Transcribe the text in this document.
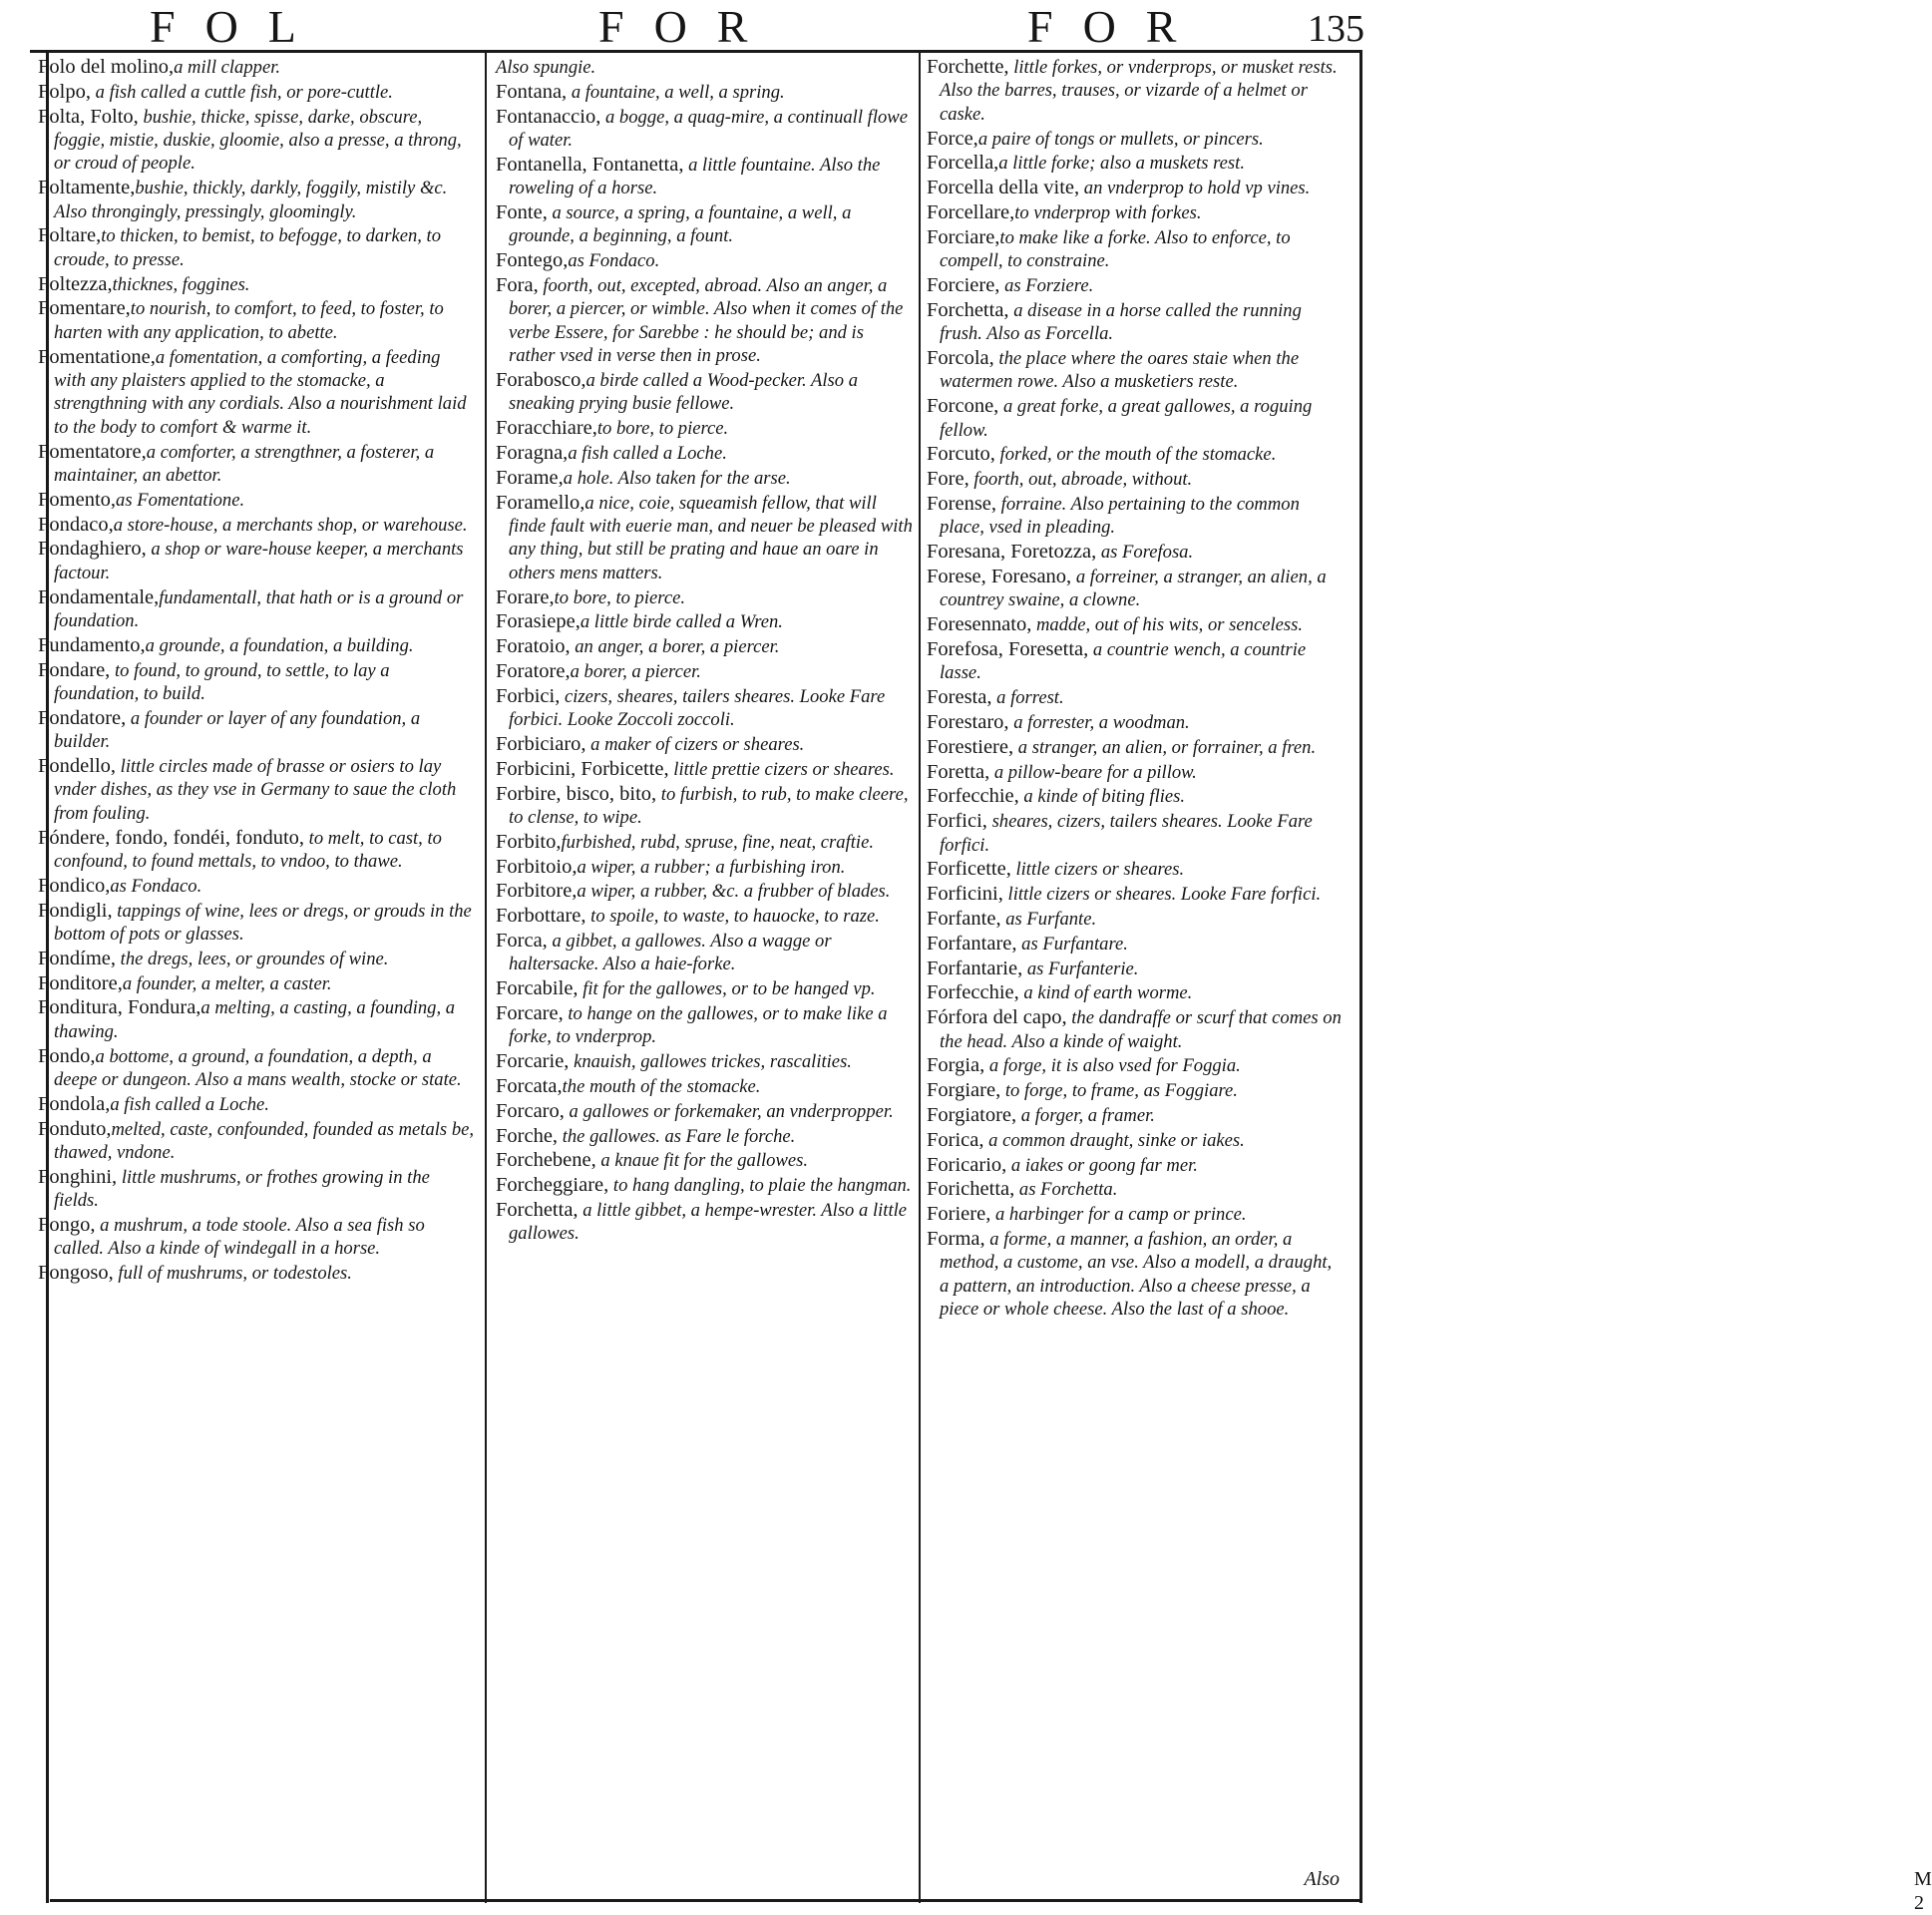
FOL	FOR	FOR	135

Folo del molino,a mill clapper.

Folpo, a fish called a cuttle fish, or pore-cuttle.

Folta, Folto, bushie, thicke, spisse, darke, obscure, foggie, mistie, duskie, gloomie, also a presse, a throng, or croud of people.

Foltamente,bushie, thickly, darkly, foggily, mistily &c. Also throngingly, pressingly, gloomingly.

Foltare,to thicken, to bemist, to befogge, to darken, to croude, to presse.

Foltezza,thicknes, foggines.

Fomentare,to nourish, to comfort, to feed, to foster, to harten with any application, to abette.

Fomentatione,a fomentation, a comforting, a feeding with any plaisters applied to the stomacke, a strengthning with any cordials. Also a nourishment laid to the body to comfort & warme it.

Fomentatore,a comforter, a strengthner, a fosterer, a maintainer, an abettor.

Fomento,as Fomentatione.

Fondaco,a store-house, a merchants shop, or warehouse.

Fondaghiero, a shop or ware-house keeper, a merchants factour.

Fondamentale,fundamentall, that hath or is a ground or foundation.

Fundamento,a grounde, a foundation, a building.

Fondare, to found, to ground, to settle, to lay a foundation, to build.

Fondatore, a founder or layer of any foundation, a builder.

Fondello, little circles made of brasse or osiers to lay vnder dishes, as they vse in Germany to saue the cloth from fouling.

Fóndere, fondo, fondéi, fonduto, to melt, to cast, to confound, to found mettals, to vndoo, to thawe.

Fondico,as Fondaco.

Fondigli, tappings of wine, lees or dregs, or grouds in the bottom of pots or glasses.

Fondíme, the dregs, lees, or groundes of wine.

Fonditore,a founder, a melter, a caster.

Fonditura, Fondura,a melting, a casting, a founding, a thawing.

Fondo,a bottome, a ground, a foundation, a depth, a deepe or dungeon. Also a mans wealth, stocke or state.

Fondola,a fish called a Loche.

Fonduto,melted, caste, confounded, founded as metals be, thawed, vndone.

Fonghini, little mushrums, or frothes growing in the fields.

Fongo, a mushrum, a tode stoole. Also a sea fish so called. Also a kinde of windegall in a horse.

Fongoso, full of mushrums, or todestoles.

Also spungie.

Fontana, a fountaine, a well, a spring.

Fontanaccio, a bogge, a quag-mire, a continuall flowe of water.

Fontanella, Fontanetta, a little fountaine. Also the roweling of a horse.

Fonte, a source, a spring, a fountaine, a well, a grounde, a beginning, a fount.

Fontego,as Fondaco.

Fora, foorth, out, excepted, abroad. Also an anger, a borer, a piercer, or wimble. Also when it comes of the verbe Essere, for Sarebbe : he should be; and is rather vsed in verse then in prose.

Forabosco,a birde called a Wood-pecker. Also a sneaking prying busie fellowe.

Foracchiare,to bore, to pierce.

Foragna,a fish called a Loche.

Forame,a hole. Also taken for the arse.

Foramello,a nice, coie, squeamish fellow, that will finde fault with euerie man, and neuer be pleased with any thing, but still be prating and haue an oare in others mens matters.

Forare,to bore, to pierce.

Forasiepe,a little birde called a Wren.

Foratoio, an anger, a borer, a piercer.

Foratore,a borer, a piercer.

Forbici, cizers, sheares, tailers sheares. Looke Fare forbici. Looke Zoccoli zoccoli.

Forbiciaro, a maker of cizers or sheares.

Forbicini, Forbicette, little prettie cizers or sheares.

Forbire, bisco, bito, to furbish, to rub, to make cleere, to clense, to wipe.

Forbito,furbished, rubd, spruse, fine, neat, craftie.

Forbitoio,a wiper, a rubber; a furbishing iron.

Forbitore,a wiper, a rubber, &c. a frubber of blades.

Forbottare, to spoile, to waste, to hauocke, to raze.

Forca, a gibbet, a gallowes. Also a wagge or haltersacke. Also a haie-forke.

Forcabile, fit for the gallowes, or to be hanged vp.

Forcare, to hange on the gallowes, or to make like a forke, to vnderprop.

Forcarie, knauish, gallowes trickes, rascalities.

Forcata,the mouth of the stomacke.

Forcaro, a gallowes or forkemaker, an vnderpropper.

Forche, the gallowes. as Fare le forche.

Forchebene, a knaue fit for the gallowes.

Forcheggiare, to hang dangling, to plaie the hangman.

Forchetta, a little gibbet, a hempe-wrester. Also a little gallowes.

Forchette, little forkes, or vnderprops, or musket rests. Also the barres, trauses, or vizarde of a helmet or caske.

Force,a paire of tongs or mullets, or pincers.

Forcella,a little forke; also a muskets rest.

Forcella della vite, an vnderprop to hold vp vines.

Forcellare,to vnderprop with forkes.

Forciare,to make like a forke. Also to enforce, to compell, to constraine.

Forciere, as Forziere.

Forchetta, a disease in a horse called the running frush. Also as Forcella.

Forcola, the place where the oares staie when the watermen rowe. Also a musketiers reste.

Forcone, a great forke, a great gallowes, a roguing fellow.

Forcuto, forked, or the mouth of the stomacke.

Fore, foorth, out, abroade, without.

Forense, forraine. Also pertaining to the common place, vsed in pleading.

Foresana, Foretozza, as Forefosa.

Forese, Foresano, a forreiner, a stranger, an alien, a countrey swaine, a clowne.

Foresennato, madde, out of his wits, or senceless.

Forefosa, Foresetta, a countrie wench, a countrie lasse.

Foresta, a forrest.

Forestaro, a forrester, a woodman.

Forestiere, a stranger, an alien, or forrainer, a fren.

Foretta, a pillow-beare for a pillow.

Forfecchie, a kinde of biting flies.

Forfici, sheares, cizers, tailers sheares. Looke Fare forfici.

Forficette, little cizers or sheares.

Forficini, little cizers or sheares. Looke Fare forfici.

Forfante, as Furfante.

Forfantare, as Furfantare.

Forfantarie, as Furfanterie.

Forfecchie, a kind of earth worme.

Fórfora del capo, the dandraffe or scurf that comes on the head. Also a kinde of waight.

Forgia, a forge, it is also vsed for Foggia.

Forgiare, to forge, to frame, as Foggiare.

Forgiatore, a forger, a framer.

Forica, a common draught, sinke or iakes.

Foricario, a iakes or goong far mer.

Forichetta, as Forchetta.

Foriere, a harbinger for a camp or prince.

Forma, a forme, a manner, a fashion, an order, a method, a custome, an vse. Also a modell, a draught, a pattern, an introduction. Also a cheese presse, a piece or whole cheese. Also the last of a shooe.

M 2
Also
